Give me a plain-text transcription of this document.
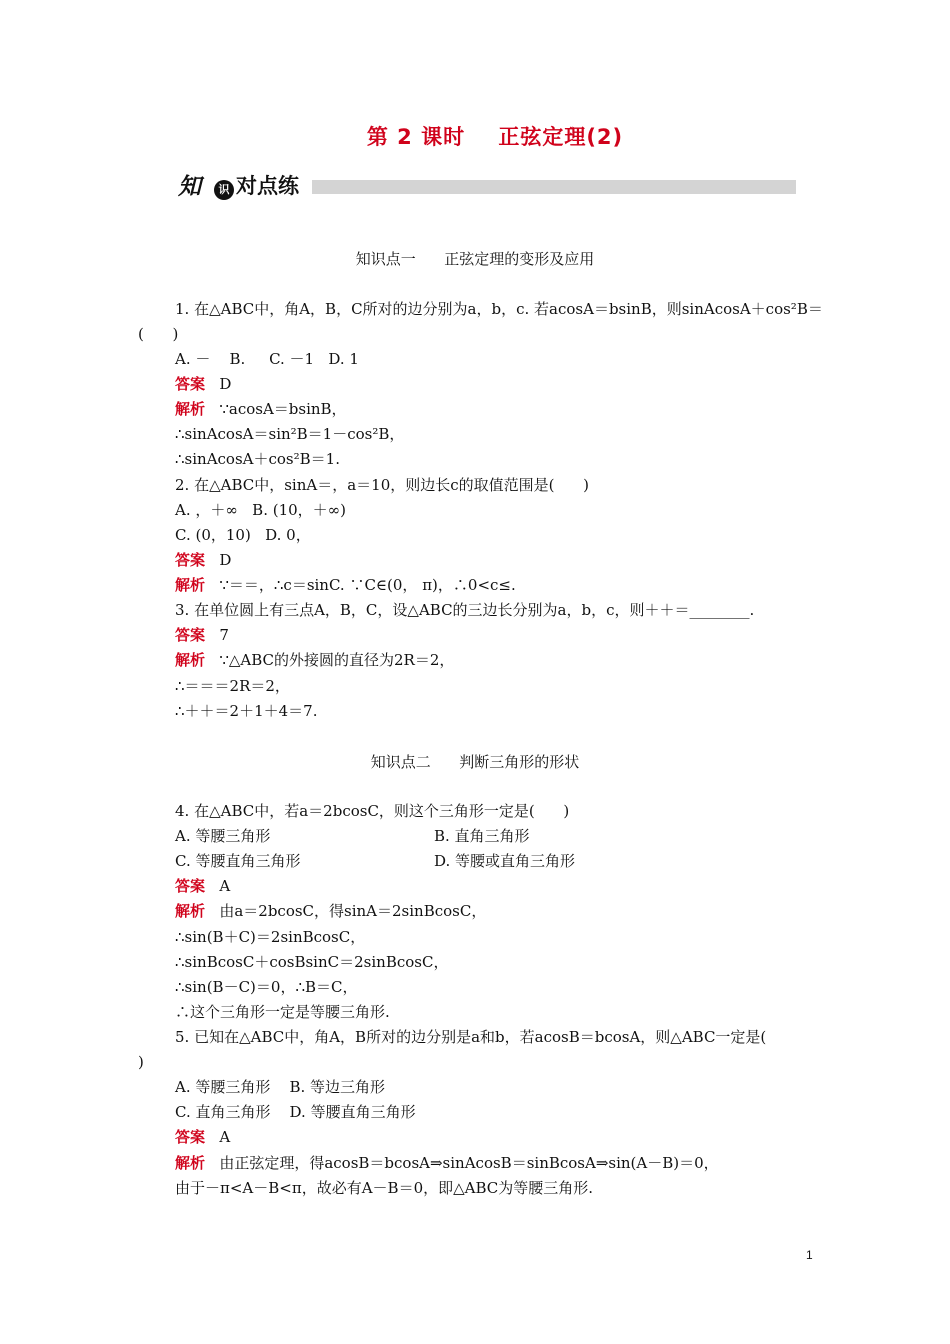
第 2 课时    正弦定理(2)
知	识 对点练
知识点一      正弦定理的变形及应用
1. 在△ABC中，角A，B，C所对的边分别为a，b，c. 若acosA＝bsinB，则sinAcosA＋cos²B＝
(      )
A. －    B.     C. －1   D. 1
答案 D
解析 ∵acosA＝bsinB，
∴sinAcosA＝sin²B＝1－cos²B，
∴sinAcosA＋cos²B＝1.
2. 在△ABC中，sinA＝，a＝10，则边长c的取值范围是(      )
A. ，＋∞   B. (10，＋∞)
C. (0，10)   D. 0，
答案 D
解析 ∵＝＝，∴c＝sinC. ∵C∈(0， π)，∴0<c≤.
3. 在单位圆上有三点A，B，C，设△ABC的三边长分别为a，b，c，则＋＋＝________.
答案 7
解析 ∵△ABC的外接圆的直径为2R＝2，
∴＝＝＝2R＝2，
∴＋＋＝2＋1＋4＝7.
知识点二      判断三角形的形状
4. 在△ABC中，若a＝2bcosC，则这个三角形一定是(      )
A. 等腰三角形	B. 直角三角形
C. 等腰直角三角形	D. 等腰或直角三角形
答案 A
解析 由a＝2bcosC，得sinA＝2sinBcosC，
∴sin(B＋C)＝2sinBcosC，
∴sinBcosC＋cosBsinC＝2sinBcosC，
∴sin(B－C)＝0，∴B＝C，
∴这个三角形一定是等腰三角形.
5. 已知在△ABC中，角A，B所对的边分别是a和b，若acosB＝bcosA，则△ABC一定是(
)
A. 等腰三角形    B. 等边三角形
C. 直角三角形    D. 等腰直角三角形
答案 A
解析 由正弦定理，得acosB＝bcosA⇒sinAcosB＝sinBcosA⇒sin(A－B)＝0，
由于－π<A－B<π，故必有A－B＝0，即△ABC为等腰三角形.
1
